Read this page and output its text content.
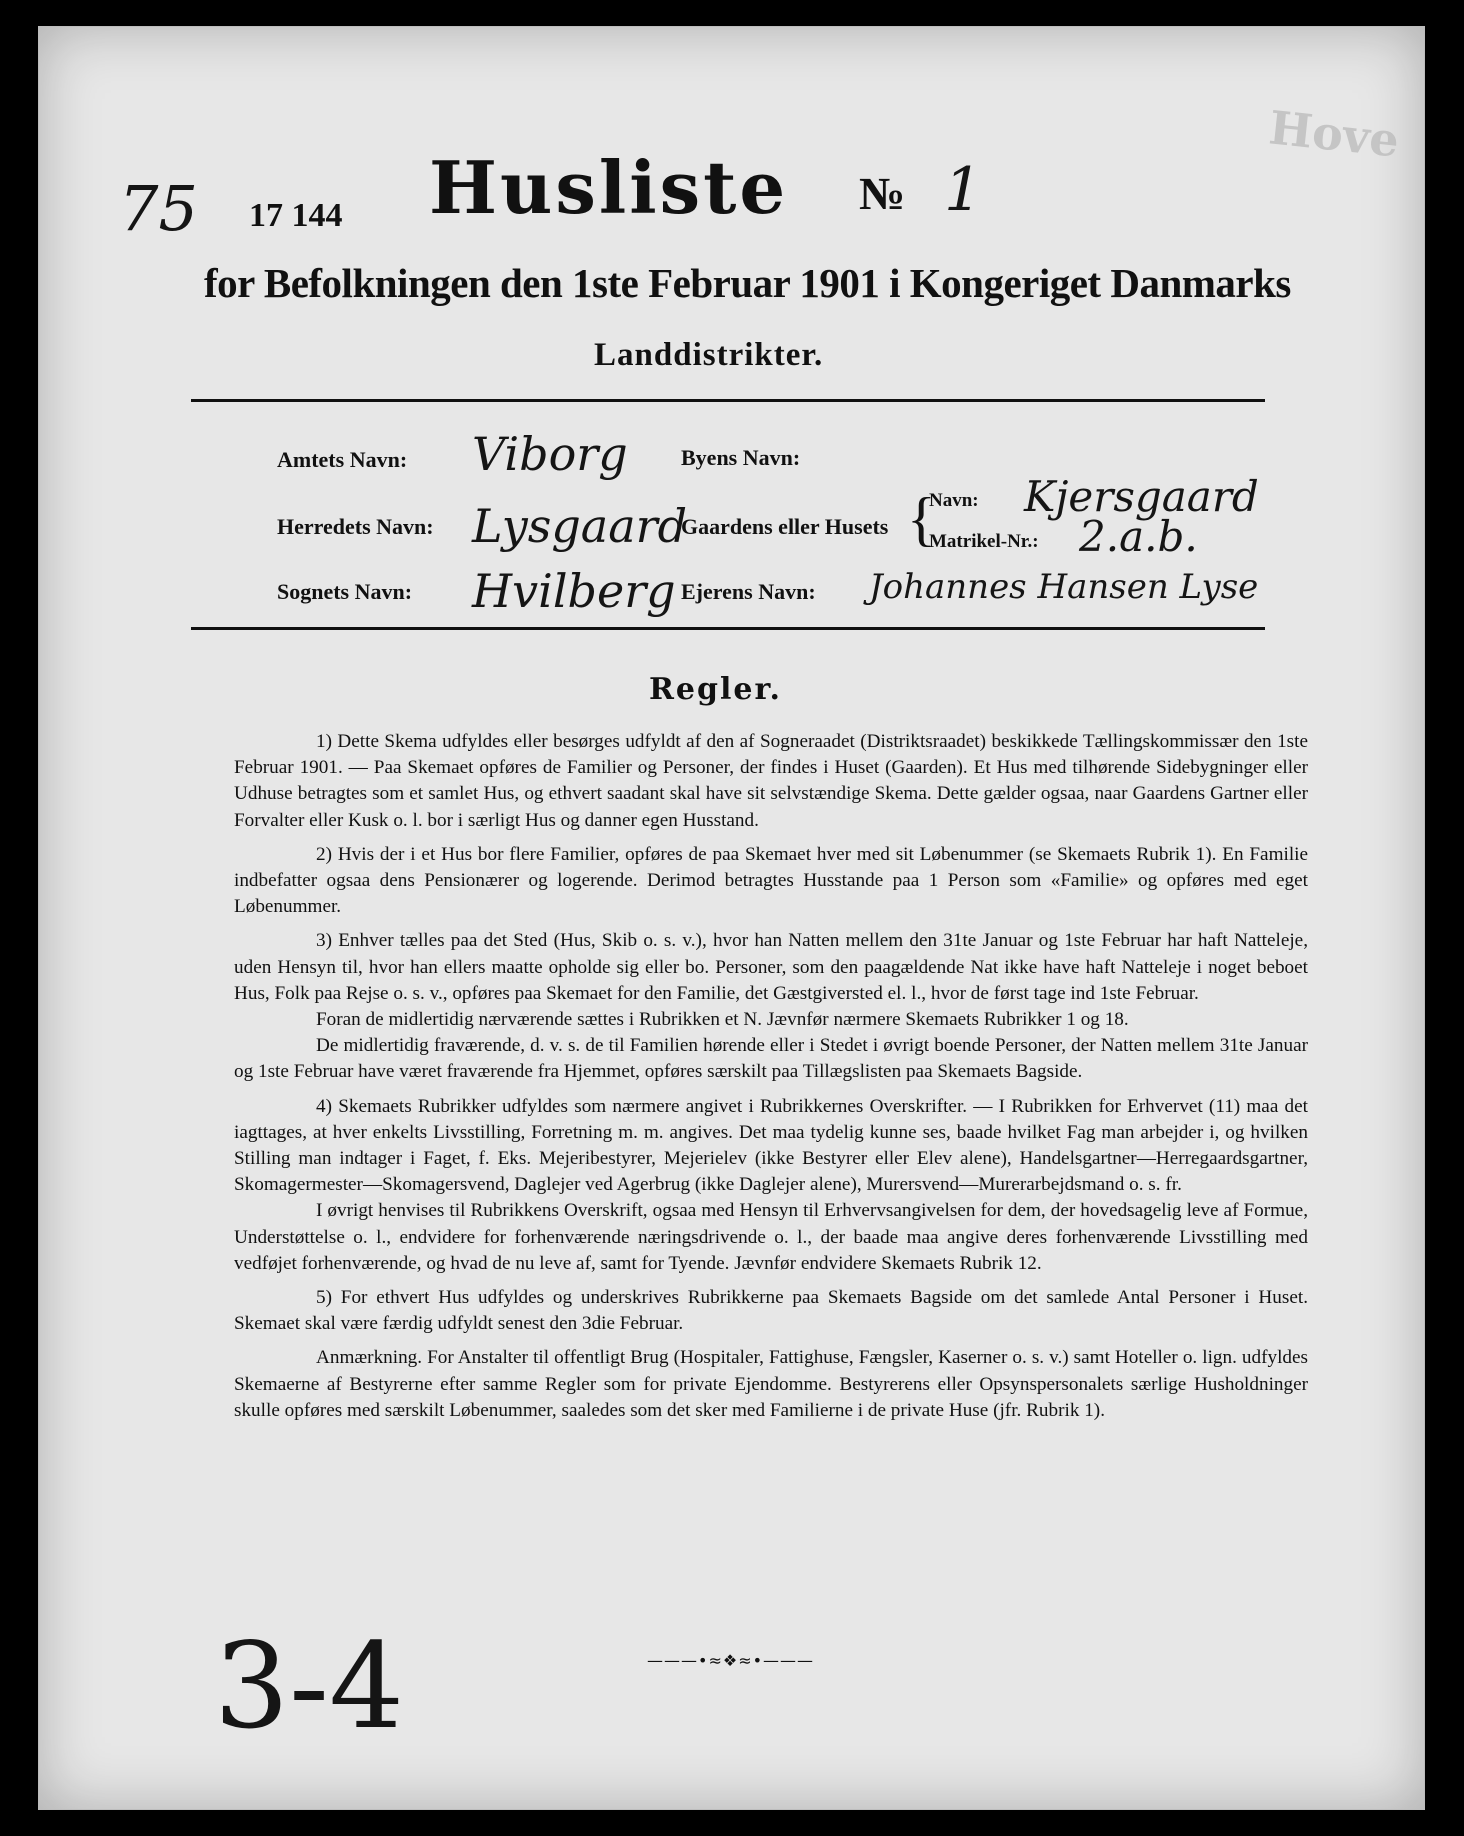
Hove
75 17 144 Husliste № 1
for Befolkningen den 1ste Februar 1901 i Kongeriget Danmarks
Landdistrikter.
Amtets Navn: Viborg
Herredets Navn: Lysgaard
Sognets Navn: Hvilberg
Byens Navn:
Gaardens eller Husets {
Navn: Kjersgaard
Matrikel-Nr.: 2.a.b.
Ejerens Navn: Johannes Hansen Lyse
Regler.

1) Dette Skema udfyldes eller besørges udfyldt af den af Sogneraadet (Distriktsraadet) beskikkede Tællingskommissær den 1ste Februar 1901. — Paa Skemaet opføres de Familier og Personer, der findes i Huset (Gaarden). Et Hus med tilhørende Sidebygninger eller Udhuse betragtes som et samlet Hus, og ethvert saadant skal have sit selvstændige Skema. Dette gælder ogsaa, naar Gaardens Gartner eller Forvalter eller Kusk o. l. bor i særligt Hus og danner egen Husstand.

2) Hvis der i et Hus bor flere Familier, opføres de paa Skemaet hver med sit Løbenummer (se Skemaets Rubrik 1). En Familie indbefatter ogsaa dens Pensionærer og logerende. Derimod betragtes Husstande paa 1 Person som «Familie» og opføres med eget Løbenummer.

3) Enhver tælles paa det Sted (Hus, Skib o. s. v.), hvor han Natten mellem den 31te Januar og 1ste Februar har haft Natteleje, uden Hensyn til, hvor han ellers maatte opholde sig eller bo. Personer, som den paagældende Nat ikke have haft Natteleje i noget beboet Hus, Folk paa Rejse o. s. v., opføres paa Skemaet for den Familie, det Gæstgiversted el. l., hvor de først tage ind 1ste Februar.

Foran de midlertidig nærværende sættes i Rubrikken et N. Jævnfør nærmere Skemaets Rubrikker 1 og 18.

De midlertidig fraværende, d. v. s. de til Familien hørende eller i Stedet i øvrigt boende Personer, der Natten mellem 31te Januar og 1ste Februar have været fraværende fra Hjemmet, opføres særskilt paa Tillægslisten paa Skemaets Bagside.

4) Skemaets Rubrikker udfyldes som nærmere angivet i Rubrikkernes Overskrifter. — I Rubrikken for Erhvervet (11) maa det iagttages, at hver enkelts Livsstilling, Forretning m. m. angives. Det maa tydelig kunne ses, baade hvilket Fag man arbejder i, og hvilken Stilling man indtager i Faget, f. Eks. Mejeribestyrer, Mejerielev (ikke Bestyrer eller Elev alene), Handelsgartner—Herregaardsgartner, Skomagermester—Skomagersvend, Daglejer ved Agerbrug (ikke Daglejer alene), Murersvend—Murerarbejdsmand o. s. fr.

I øvrigt henvises til Rubrikkens Overskrift, ogsaa med Hensyn til Erhvervsangivelsen for dem, der hovedsagelig leve af Formue, Understøttelse o. l., endvidere for forhenværende næringsdrivende o. l., der baade maa angive deres forhenværende Livsstilling med vedføjet forhenværende, og hvad de nu leve af, samt for Tyende. Jævnfør endvidere Skemaets Rubrik 12.

5) For ethvert Hus udfyldes og underskrives Rubrikkerne paa Skemaets Bagside om det samlede Antal Personer i Huset. Skemaet skal være færdig udfyldt senest den 3die Februar.

Anmærkning. For Anstalter til offentligt Brug (Hospitaler, Fattighuse, Fængsler, Kaserner o. s. v.) samt Hoteller o. lign. udfyldes Skemaerne af Bestyrerne efter samme Regler som for private Ejendomme. Bestyrerens eller Opsynspersonalets særlige Husholdninger skulle opføres med særskilt Løbenummer, saaledes som det sker med Familierne i de private Huse (jfr. Rubrik 1).

———•≈❖≈•———
3-4
